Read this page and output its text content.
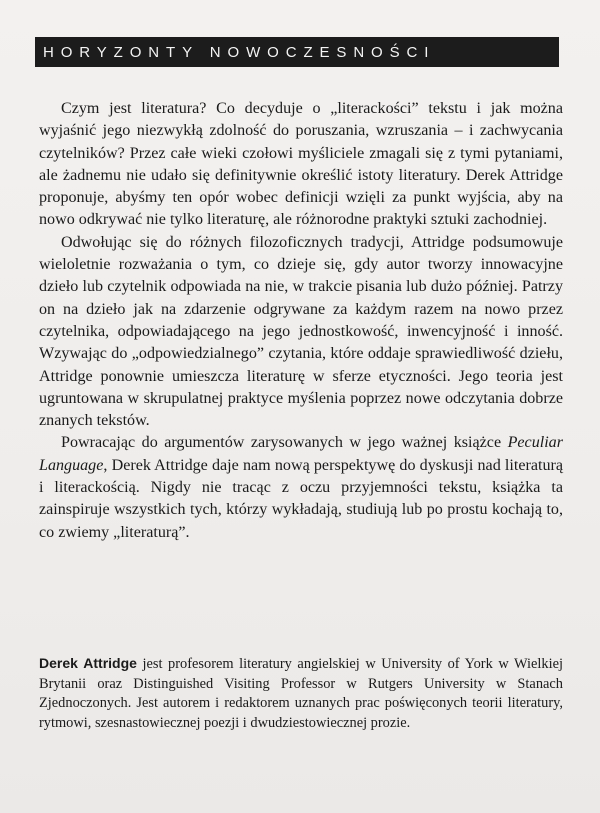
HORYZONTY NOWOCZESNOŚCI

Czym jest literatura? Co decyduje o „literackości” tekstu i jak można wyjaśnić jego niezwykłą zdolność do poruszania, wzruszania – i zachwycania czytelników? Przez całe wieki czołowi myśliciele zmagali się z tymi pytaniami, ale żadnemu nie udało się definitywnie określić istoty literatury. Derek Attridge proponuje, abyśmy ten opór wobec definicji wzięli za punkt wyjścia, aby na nowo odkrywać nie tylko literaturę, ale różnorodne praktyki sztuki zachodniej.

Odwołując się do różnych filozoficznych tradycji, Attridge podsumowuje wieloletnie rozważania o tym, co dzieje się, gdy autor tworzy innowacyjne dzieło lub czytelnik odpowiada na nie, w trakcie pisania lub dużo później. Patrzy on na dzieło jak na zdarzenie odgrywane za każdym razem na nowo przez czytelnika, odpowiadającego na jego jednostkowość, inwencyjność i inność. Wzywając do „odpowiedzialnego” czytania, które oddaje sprawiedliwość dziełu, Attridge ponownie umieszcza literaturę w sferze etyczności. Jego teoria jest ugruntowana w skrupulatnej praktyce myślenia poprzez nowe odczytania dobrze znanych tekstów.

Powracając do argumentów zarysowanych w jego ważnej książce Peculiar Language, Derek Attridge daje nam nową perspektywę do dyskusji nad literaturą i literackością. Nigdy nie tracąc z oczu przyjemności tekstu, książka ta zainspiruje wszystkich tych, którzy wykładają, studiują lub po prostu kochają to, co zwiemy „literaturą”.

Derek Attridge jest profesorem literatury angielskiej w University of York w Wielkiej Brytanii oraz Distinguished Visiting Professor w Rutgers University w Stanach Zjednoczonych. Jest autorem i redaktorem uznanych prac poświęconych teorii literatury, rytmowi, szesnastowiecznej poezji i dwudziestowiecznej prozie.
